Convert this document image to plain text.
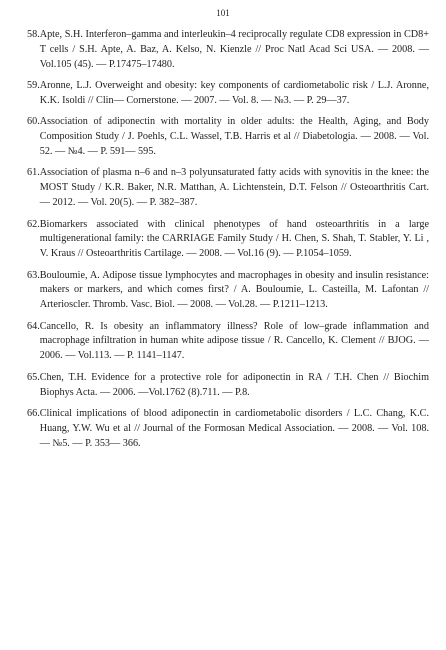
101
58. Apte, S.H. Interferon–gamma and interleukin–4 reciprocally regulate CD8 expression in CD8+ T cells / S.H. Apte, A. Baz, A. Kelso, N. Kienzle // Proc Natl Acad Sci USA. — 2008. — Vol.105 (45). — P.17475–17480.
59. Aronne, L.J. Overweight and obesity: key components of cardiometabolic risk / L.J. Aronne, K.K. Isoldi // Clin— Cornerstone. — 2007. — Vol. 8. — №3. — P. 29—37.
60. Association of adiponectin with mortality in older adults: the Health, Aging, and Body Composition Study / J. Poehls, C.L. Wassel, T.B. Harris et al // Diabetologia. — 2008. — Vol. 52. — №4. — P. 591— 595.
61. Association of plasma n–6 and n–3 polyunsaturated fatty acids with synovitis in the knee: the MOST Study / K.R. Baker, N.R. Matthan, A. Lichtenstein, D.T. Felson // Osteoarthritis Cart. — 2012. — Vol. 20(5). — P. 382–387.
62. Biomarkers associated with clinical phenotypes of hand osteoarthritis in a large multigenerational family: the CARRIAGE Family Study / H. Chen, S. Shah, T. Stabler, Y. Li , V. Kraus // Osteoarthritis Cartilage. — 2008. — Vol.16 (9). — P.1054–1059.
63. Bouloumie, A. Adipose tissue lymphocytes and macrophages in obesity and insulin resistance: makers or markers, and which comes first? / A. Bouloumie, L. Casteilla, M. Lafontan // Arterioscler. Thromb. Vasc. Biol. — 2008. — Vol.28. — P.1211–1213.
64. Cancello, R. Is obesity an inflammatory illness? Role of low–grade inflammation and macrophage infiltration in human white adipose tissue / R. Cancello, K. Clement // BJOG. — 2006. — Vol.113. — P. 1141–1147.
65. Chen, T.H. Evidence for a protective role for adiponectin in RA / T.H. Chen // Biochim Biophys Acta. — 2006. —Vol.1762 (8).711. — P.8.
66. Clinical implications of blood adiponectin in cardiometabolic disorders / L.C. Chang, K.C. Huang, Y.W. Wu et al // Journal of the Formosan Medical Association. — 2008. — Vol. 108. — №5. — P. 353— 366.
